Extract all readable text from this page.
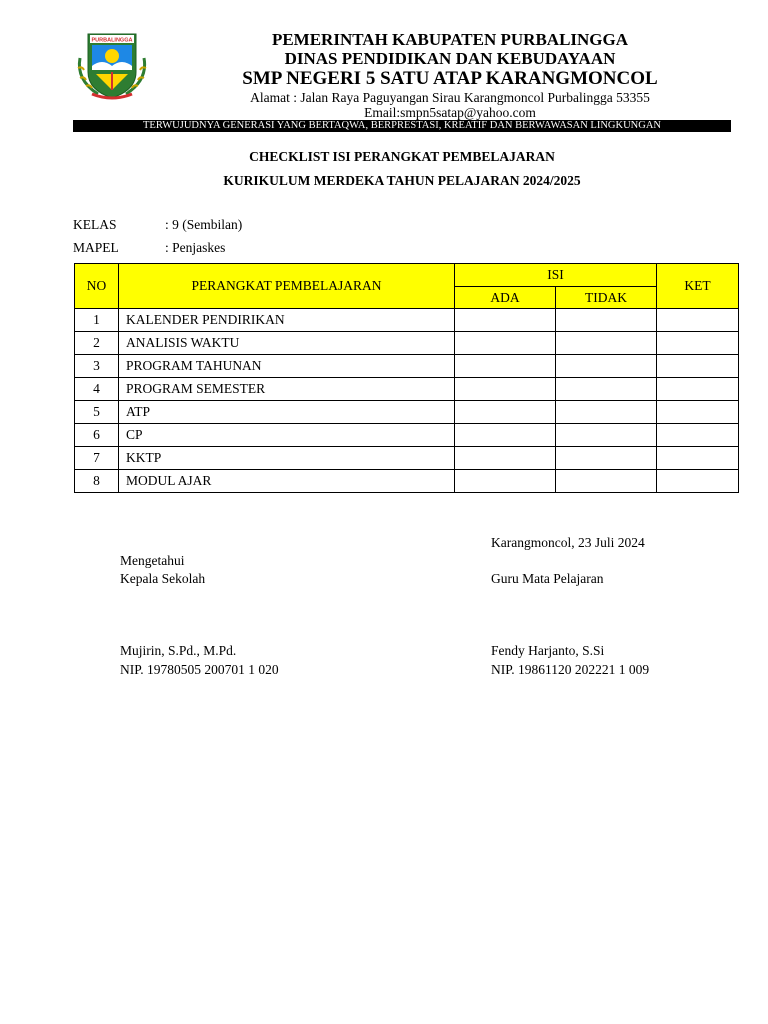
PURBALINGGA	PEMERINTAH KABUPATEN PURBALINGGA
DINAS PENDIDIKAN DAN KEBUDAYAAN
SMP NEGERI 5 SATU ATAP KARANGMONCOL
Alamat : Jalan Raya Paguyangan Sirau Karangmoncol Purbalingga 53355
Email:smpn5satap@yahoo.com
TERWUJUDNYA GENERASI YANG BERTAQWA, BERPRESTASI, KREATIF DAN BERWAWASAN LINGKUNGAN
CHECKLIST ISI PERANGKAT PEMBELAJARAN
KURIKULUM MERDEKA TAHUN PELAJARAN 2024/2025
KELAS	: 9 (Sembilan)
MAPEL	: Penjaskes
NO	PERANGKAT PEMBELAJARAN	ISI		KET
		ADA	TIDAK	
1	KALENDER PENDIRIKAN			
2	ANALISIS WAKTU			
3	PROGRAM TAHUNAN			
4	PROGRAM SEMESTER			
5	ATP			
6	CP			
7	KKTP			
8	MODUL AJAR			
Karangmoncol, 23 Juli 2024
Mengetahui
Kepala Sekolah	Guru Mata Pelajaran
Mujirin, S.Pd., M.Pd.
NIP. 19780505 200701 1 020
Fendy Harjanto, S.Si
NIP. 19861120 202221 1 009
